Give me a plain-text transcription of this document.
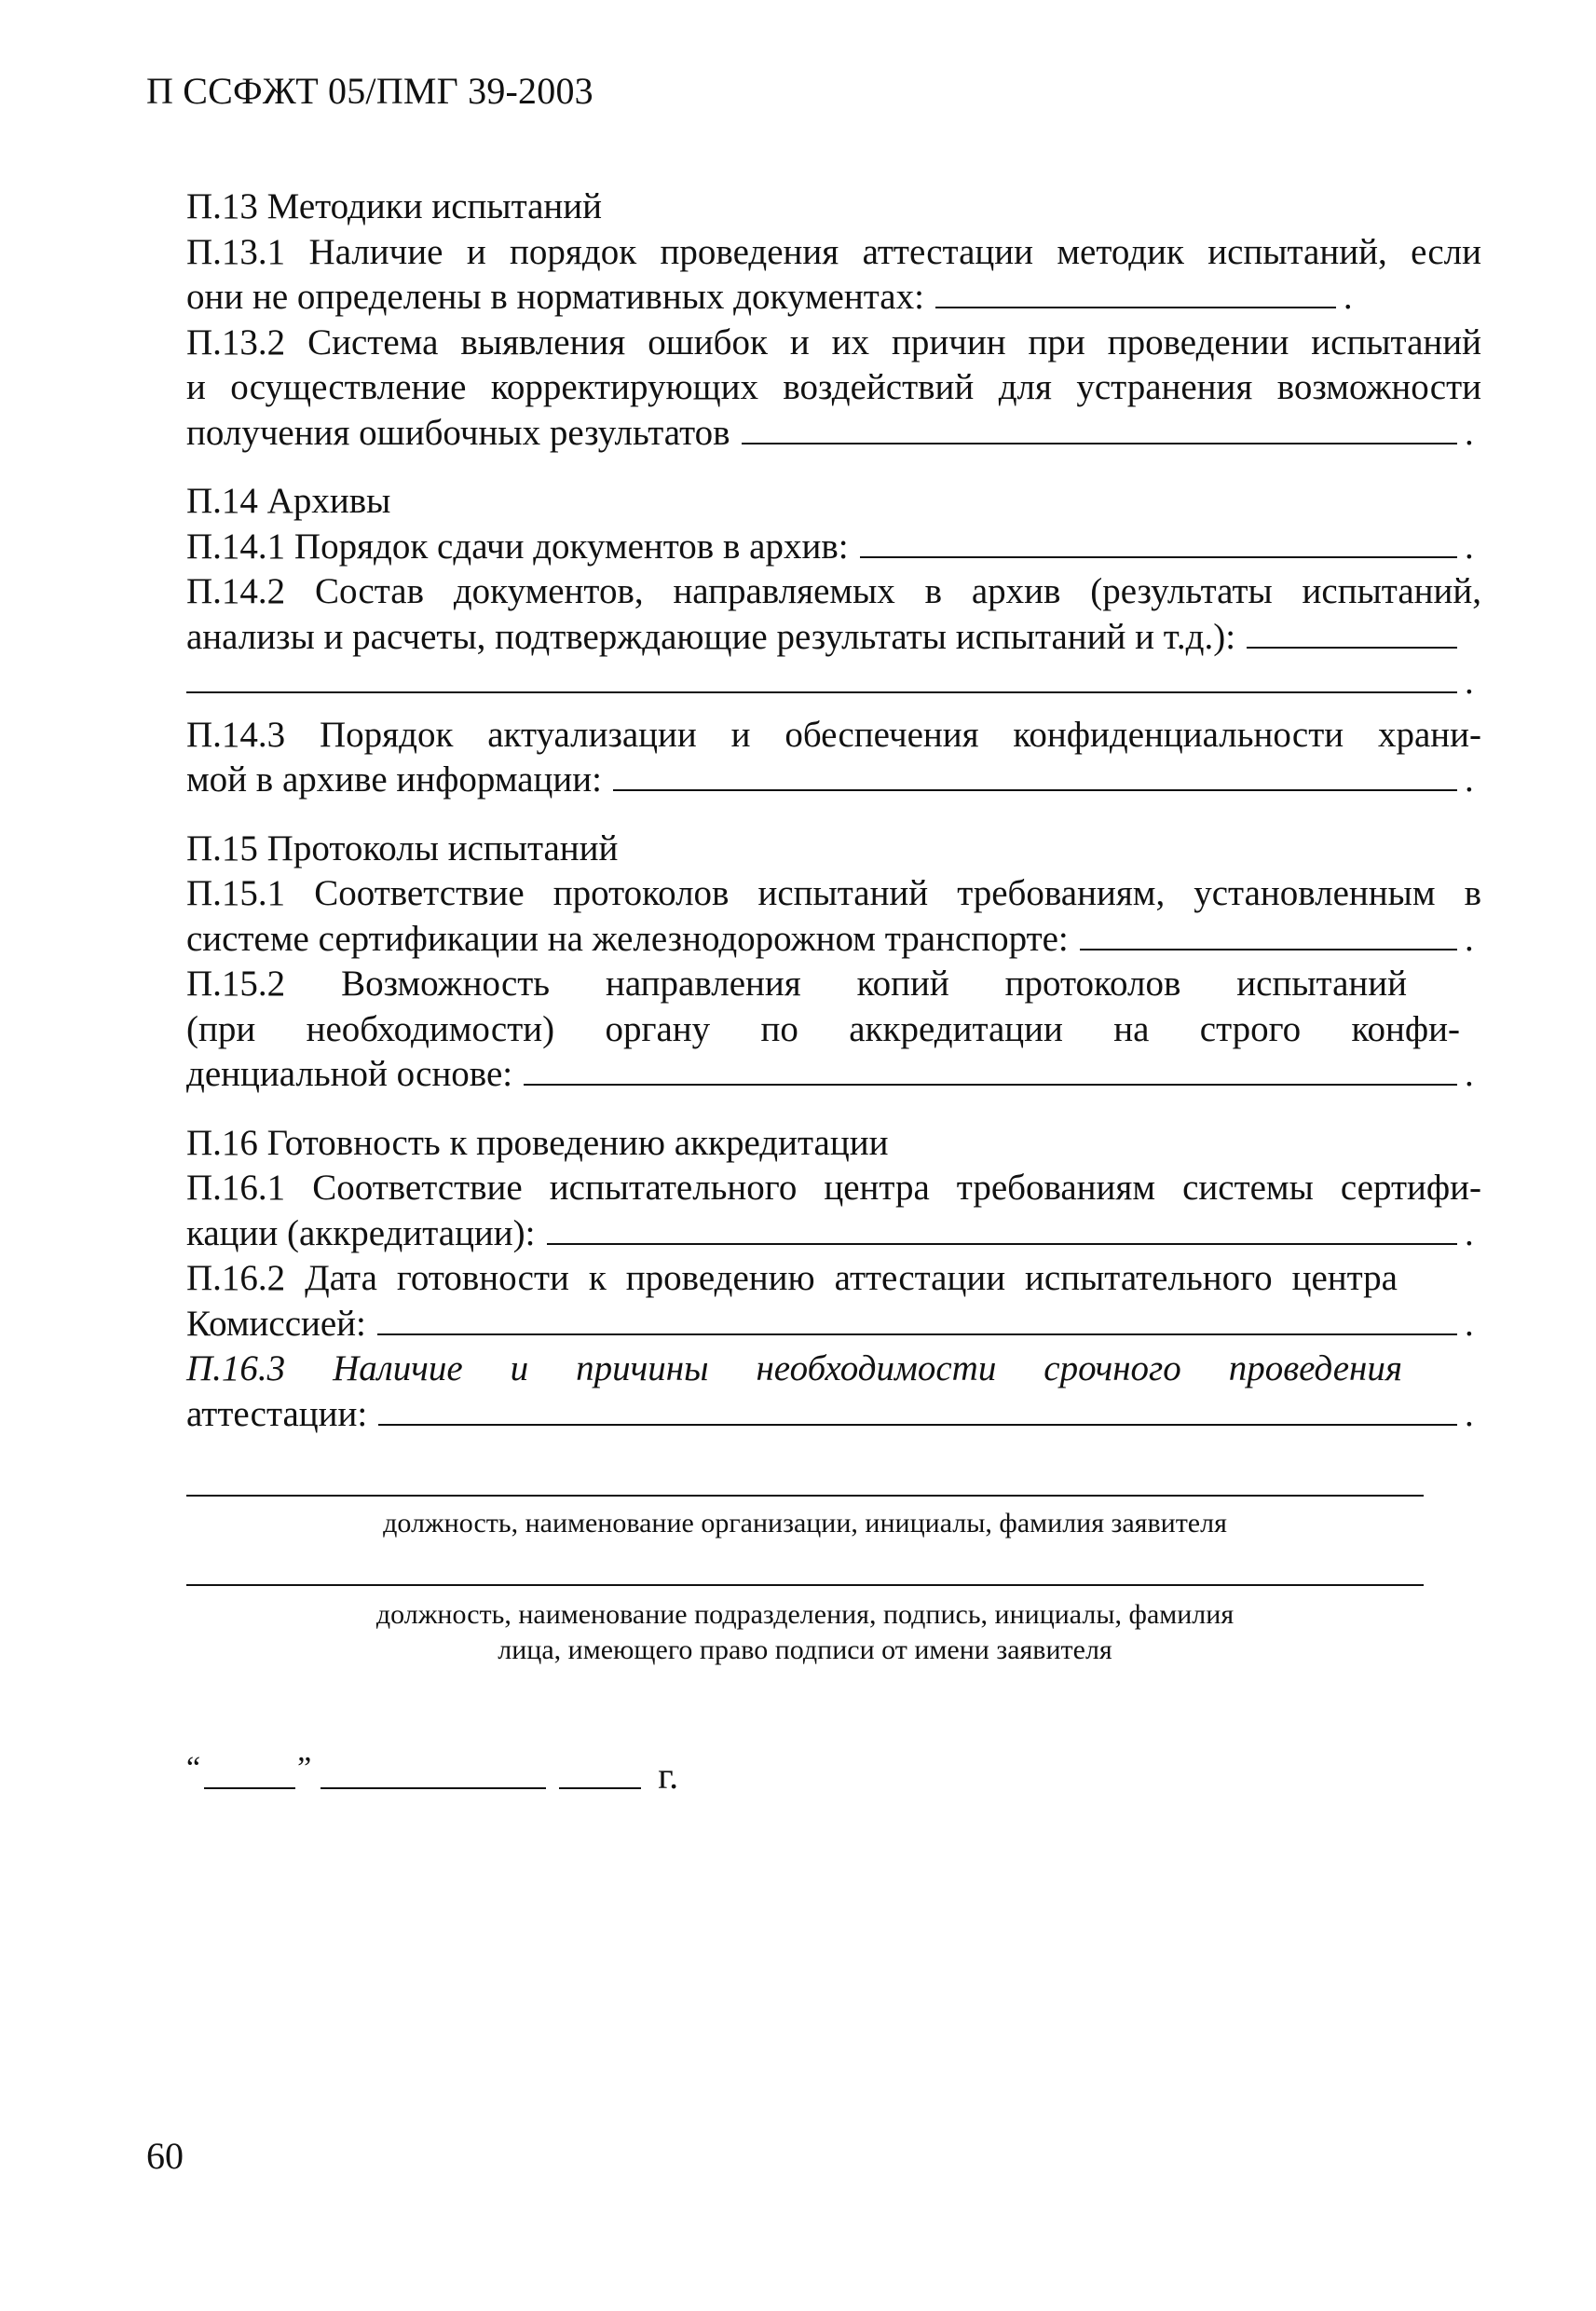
П ССФЖТ 05/ПМГ 39-2003
П.13 Методики испытаний
П.13.1 Наличие и порядок проведения аттестации методик испытаний, если
они не определены в нормативных документах:	.
П.13.2 Система выявления ошибок и их причин при проведении испытаний
и осуществление корректирующих воздействий для устранения возможности
получения ошибочных результатов	.
П.14 Архивы
П.14.1 Порядок сдачи документов в архив:	.
П.14.2 Состав документов, направляемых в архив (результаты испытаний,
анализы и расчеты, подтверждающие результаты испытаний и т.д.):
.
П.14.3 Порядок актуализации и обеспечения конфиденциальности храни-
мой в архиве информации:	.
П.15 Протоколы испытаний
П.15.1 Соответствие протоколов испытаний требованиям, установленным в
системе сертификации на железнодорожном транспорте:	.
П.15.2 Возможность направления копий протоколов испытаний
(при необходимости) органу по аккредитации на строго конфи-
денциальной основе:	.
П.16 Готовность к проведению аккредитации
П.16.1 Соответствие испытательного центра требованиям системы сертифи-
кации (аккредитации):	.
П.16.2 Дата готовности к проведению аттестации испытательного центра
Комиссией:	.
П.16.3 Наличие и причины необходимости срочного проведения
аттестации:	.
должность, наименование организации, инициалы, фамилия заявителя
должность, наименование подразделения, подпись, инициалы, фамилия
лица, имеющего право подписи от имени заявителя
“	”	г.
60
